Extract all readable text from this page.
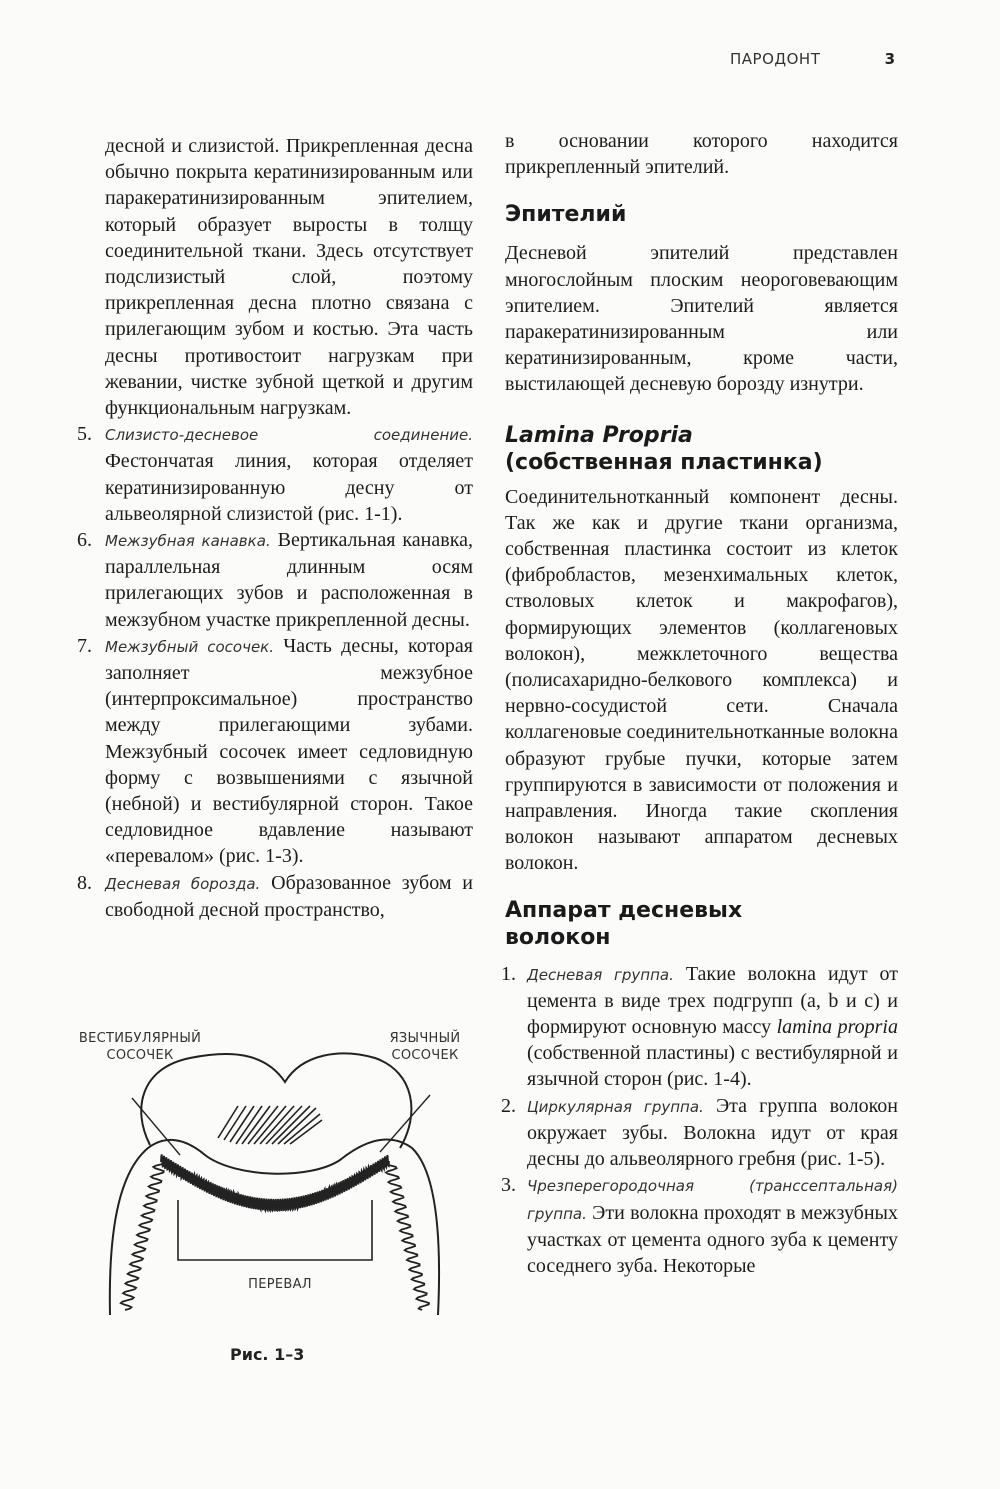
ПАРОДОНТ	3

десной и слизистой. Прикрепленная десна обычно покрыта кератинизированным или паракератинизированным эпителием, который образует выросты в толщу соединительной ткани. Здесь отсутствует подслизистый слой, поэтому прикрепленная десна плотно связана с прилегающим зубом и костью. Эта часть десны противостоит нагрузкам при жевании, чистке зубной щеткой и другим функциональным нагрузкам.

5. Слизисто-десневое соединение. Фестончатая линия, которая отделяет кератинизированную десну от альвеолярной слизистой (рис. 1-1).
6. Межзубная канавка. Вертикальная канавка, параллельная длинным осям прилегающих зубов и расположенная в межзубном участке прикрепленной десны.
7. Межзубный сосочек. Часть десны, которая заполняет межзубное (интерпроксимальное) пространство между прилегающими зубами. Межзубный сосочек имеет седловидную форму с возвышениями с язычной (небной) и вестибулярной сторон. Такое седловидное вдавление называют «перевалом» (рис. 1-3).
8. Десневая борозда. Образованное зубом и свободной десной пространство,

в основании которого находится прикрепленный эпителий.

Эпителий

Десневой эпителий представлен многослойным плоским неороговевающим эпителием. Эпителий является паракератинизированным или кератинизированным, кроме части, выстилающей десневую борозду изнутри.

Lamina Propria
(собственная пластинка)

Соединительнотканный компонент десны. Так же как и другие ткани организма, собственная пластинка состоит из клеток (фибробластов, мезенхимальных клеток, стволовых клеток и макрофагов), формирующих элементов (коллагеновых волокон), межклеточного вещества (полисахаридно-белкового комплекса) и нервно-сосудистой сети. Сначала коллагеновые соединительнотканные волокна образуют грубые пучки, которые затем группируются в зависимости от положения и направления. Иногда такие скопления волокон называют аппаратом десневых волокон.

Аппарат десневых
волокон
1. Десневая группа. Такие волокна идут от цемента в виде трех подгрупп (a, b и c) и формируют основную массу lamina propria (собственной пластины) с вестибулярной и язычной сторон (рис. 1-4).
2. Циркулярная группа. Эта группа волокон окружает зубы. Волокна идут от края десны до альвеолярного гребня (рис. 1-5).
3. Чрезперегородочная (транссептальная) группа. Эти волокна проходят в межзубных участках от цемента одного зуба к цементу соседнего зуба. Некоторые
ВЕСТИБУЛЯРНЫЙ
СОСОЧЕК
ЯЗЫЧНЫЙ
СОСОЧЕК
ПЕРЕВАЛ
Рис. 1–3
